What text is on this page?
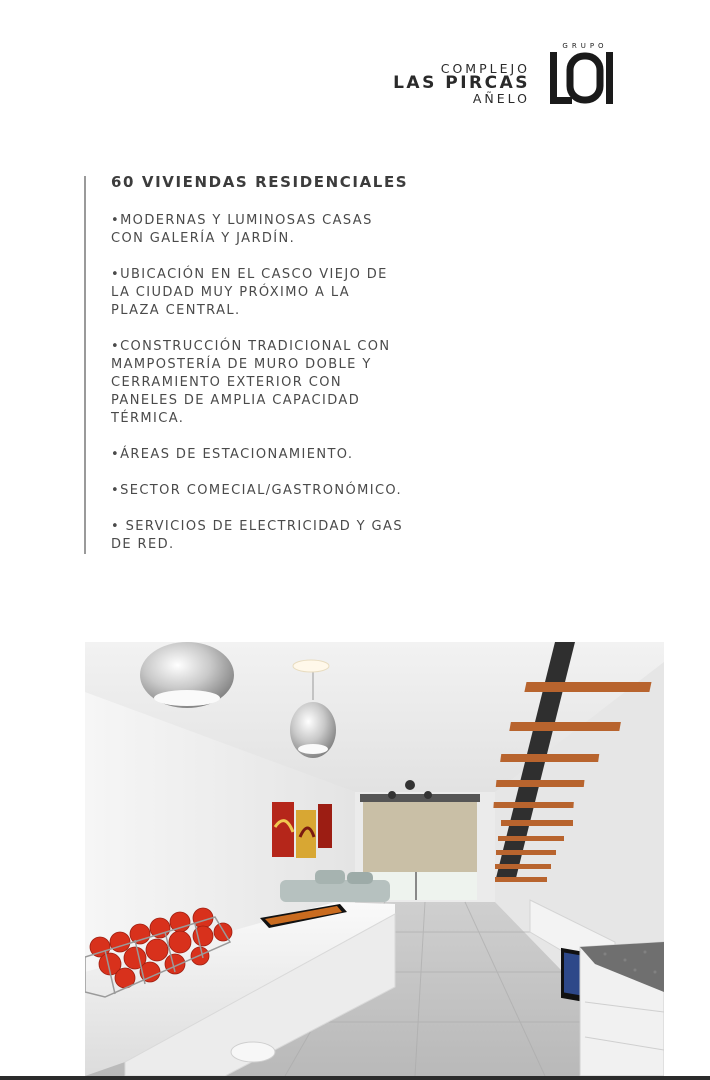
COMPLEJO
LAS PIRCAS
AÑELO
GRUPO
60 VIVIENDAS RESIDENCIALES
•MODERNAS Y LUMINOSAS CASAS
CON GALERÍA Y JARDÍN.
•UBICACIÓN EN EL CASCO VIEJO DE
LA CIUDAD MUY PRÓXIMO A LA
PLAZA CENTRAL.
•CONSTRUCCIÓN TRADICIONAL CON
MAMPOSTERÍA DE MURO DOBLE Y
CERRAMIENTO EXTERIOR CON
PANELES DE AMPLIA CAPACIDAD
TÉRMICA.
•ÁREAS DE ESTACIONAMIENTO.
•SECTOR COMECIAL/GASTRONÓMICO.
• SERVICIOS DE ELECTRICIDAD Y GAS
DE RED.
